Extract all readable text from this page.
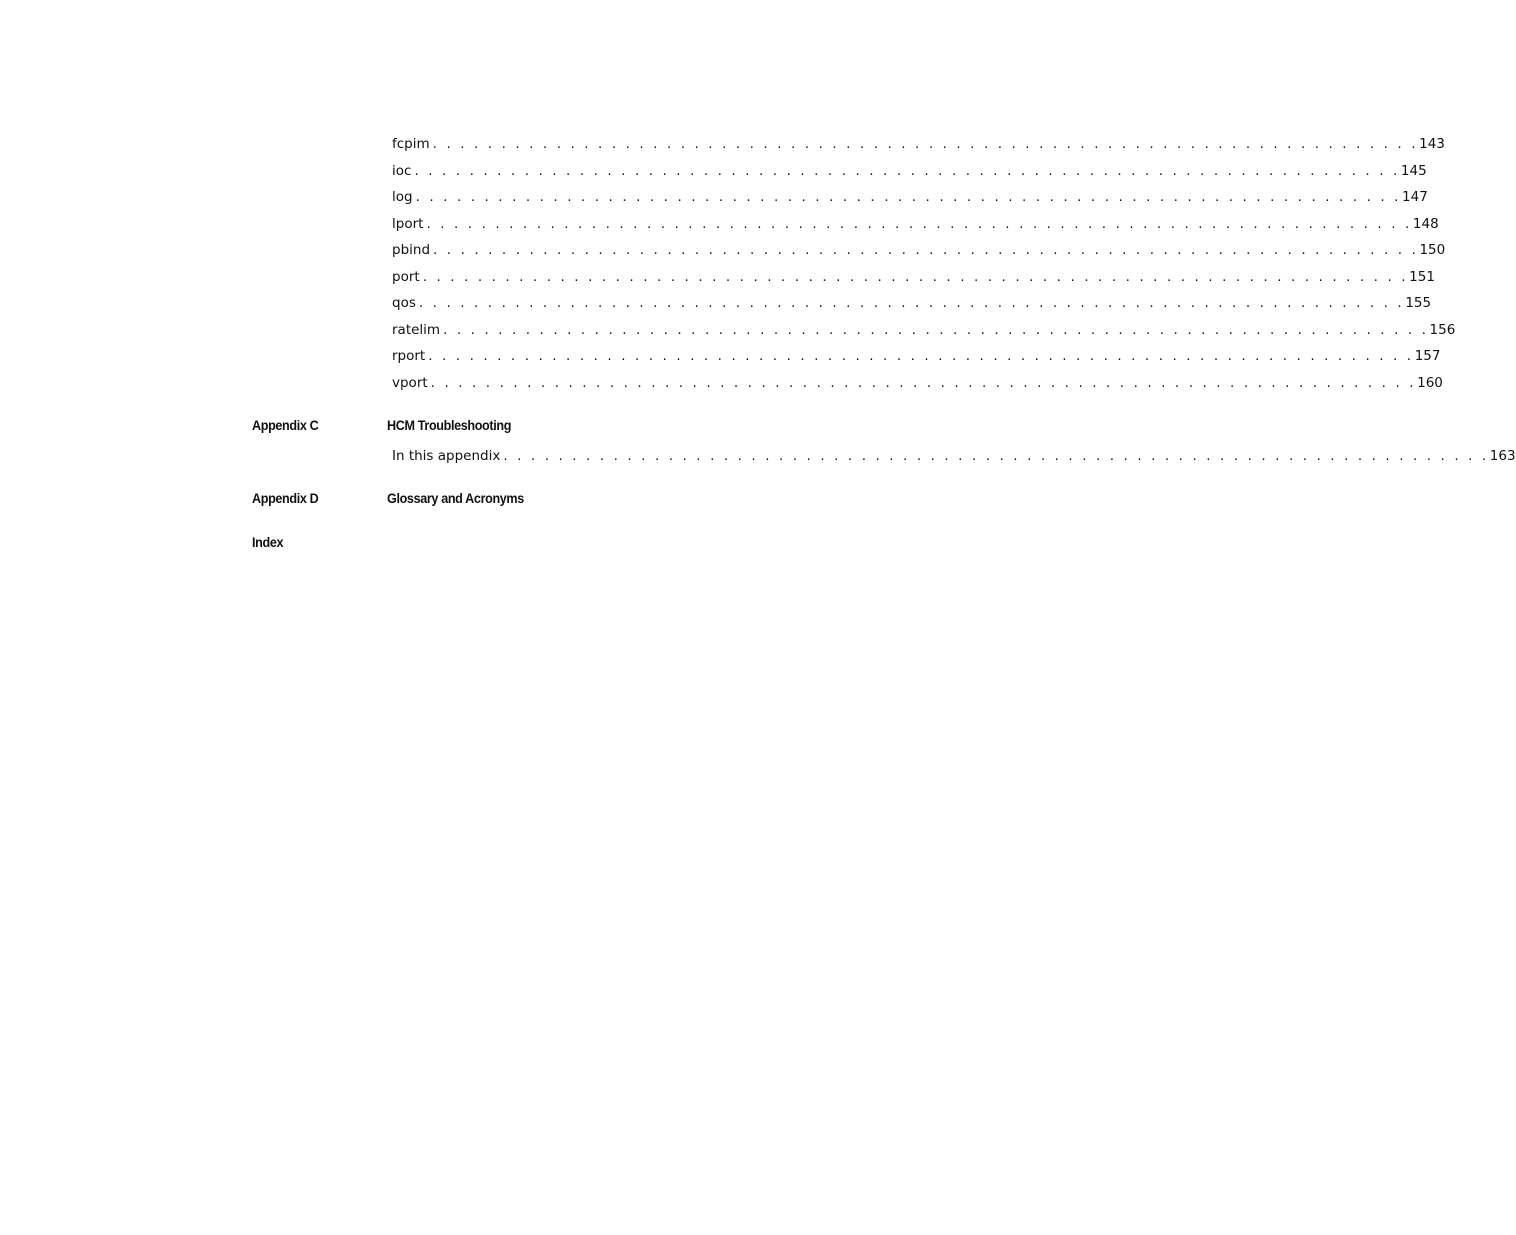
fcpim . . . . . . . . . . . . . . . . . . . . . . . . . . . . . . . . . . . . . . . . . . . . . . . . . . . . . . . . . . . . . . . . . . . . . . . . 143
ioc . . . . . . . . . . . . . . . . . . . . . . . . . . . . . . . . . . . . . . . . . . . . . . . . . . . . . . . . . . . . . . . . . . . . . . . . 145
log . . . . . . . . . . . . . . . . . . . . . . . . . . . . . . . . . . . . . . . . . . . . . . . . . . . . . . . . . . . . . . . . . . . . . . . . 147
lport . . . . . . . . . . . . . . . . . . . . . . . . . . . . . . . . . . . . . . . . . . . . . . . . . . . . . . . . . . . . . . . . . . . . . . . . 148
pbind . . . . . . . . . . . . . . . . . . . . . . . . . . . . . . . . . . . . . . . . . . . . . . . . . . . . . . . . . . . . . . . . . . . . . . . . 150
port . . . . . . . . . . . . . . . . . . . . . . . . . . . . . . . . . . . . . . . . . . . . . . . . . . . . . . . . . . . . . . . . . . . . . . . . 151
qos . . . . . . . . . . . . . . . . . . . . . . . . . . . . . . . . . . . . . . . . . . . . . . . . . . . . . . . . . . . . . . . . . . . . . . . . 155
ratelim . . . . . . . . . . . . . . . . . . . . . . . . . . . . . . . . . . . . . . . . . . . . . . . . . . . . . . . . . . . . . . . . . . . . . . . . 156
rport . . . . . . . . . . . . . . . . . . . . . . . . . . . . . . . . . . . . . . . . . . . . . . . . . . . . . . . . . . . . . . . . . . . . . . . . 157
vport . . . . . . . . . . . . . . . . . . . . . . . . . . . . . . . . . . . . . . . . . . . . . . . . . . . . . . . . . . . . . . . . . . . . . . . . 160
Appendix C	HCM Troubleshooting
In this appendix . . . . . . . . . . . . . . . . . . . . . . . . . . . . . . . . . . . . . . . . . . . . . . . . . . . . . . . . . . . . . . . . . . . . . . . . 163
Appendix D	Glossary and Acronyms
Index
